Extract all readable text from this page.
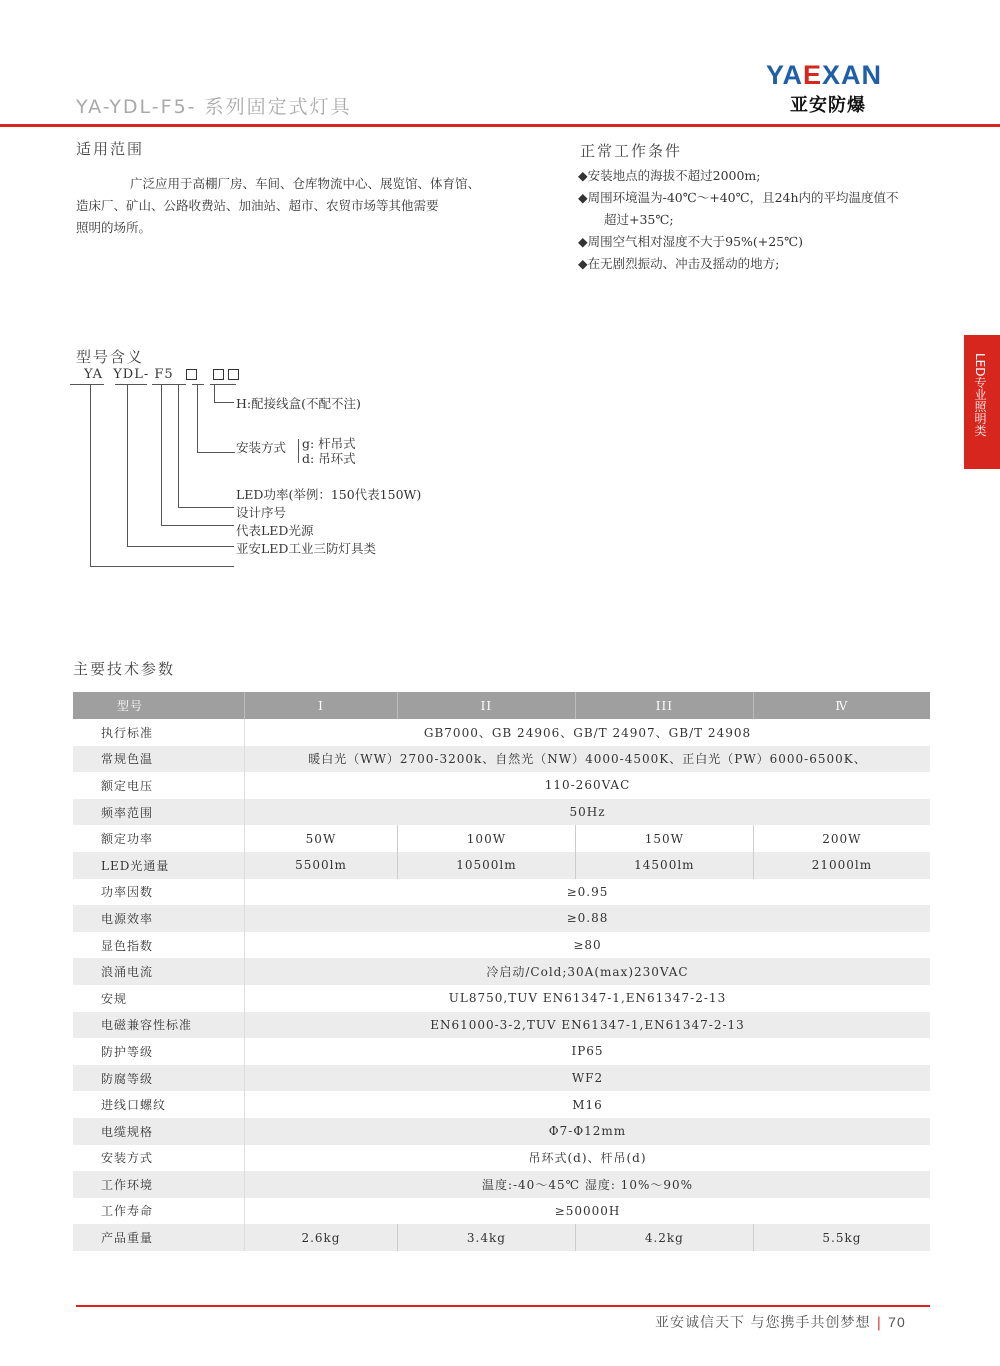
YA-YDL-F5- 系列固定式灯具
YAEXAN
亚安防爆
LED专业照明类
适用范围
广泛应用于高棚厂房、车间、仓库物流中心、展览馆、体育馆、
造床厂、矿山、公路收费站、加油站、超市、农贸市场等其他需要
照明的场所。
正常工作条件
◆安装地点的海拔不超过2000m;
◆周围环境温为-40℃～+40℃，且24h内的平均温度值不
超过+35℃;
◆周围空气相对湿度不大于95%(+25℃)
◆在无剧烈振动、冲击及摇动的地方;
型号含义
YA  YDL- F5
H:配接线盒(不配不注)
安装方式 g: 杆吊式
d: 吊环式
LED功率(举例：150代表150W)
设计序号
代表LED光源
亚安LED工业三防灯具类
主要技术参数
型号	I	II	III	Ⅳ
执行标准	GB7000、GB 24906、GB/T 24907、GB/T 24908			
常规色温	暖白光（WW）2700-3200k、自然光（NW）4000-4500K、正白光（PW）6000-6500K、			
额定电压	110-260VAC			
频率范围	50Hz			
额定功率	50W	100W	150W	200W
LED光通量	5500lm	10500lm	14500lm	21000lm
功率因数	≥0.95			
电源效率	≥0.88			
显色指数	≥80			
浪涌电流	冷启动/Cold;30A(max)230VAC			
安规	UL8750,TUV EN61347-1,EN61347-2-13			
电磁兼容性标准	EN61000-3-2,TUV EN61347-1,EN61347-2-13			
防护等级	IP65			
防腐等级	WF2			
进线口螺纹	M16			
电缆规格	Φ7-Φ12mm			
安装方式	吊环式(d)、杆吊(d)			
工作环境	温度:-40～45℃ 湿度: 10%～90%			
工作寿命	≥50000H			
产品重量	2.6kg	3.4kg	4.2kg	5.5kg
亚安诚信天下 与您携手共创梦想 | 70
